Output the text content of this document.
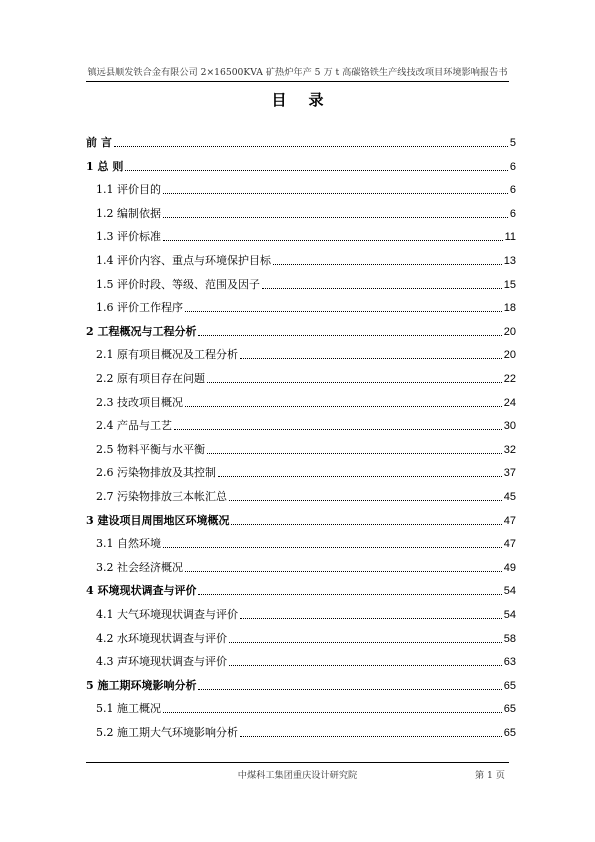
镇远县顺发铁合金有限公司 2×16500KVA 矿热炉年产 5 万 t 高碳铬铁生产线技改项目环境影响报告书
目录
前 言	5
1 总 则	6
1.1 评价目的	6
1.2 编制依据	6
1.3 评价标准	11
1.4 评价内容、重点与环境保护目标	13
1.5 评价时段、等级、范围及因子	15
1.6 评价工作程序	18
2 工程概况与工程分析	20
2.1 原有项目概况及工程分析	20
2.2 原有项目存在问题	22
2.3 技改项目概况	24
2.4 产品与工艺	30
2.5 物料平衡与水平衡	32
2.6 污染物排放及其控制	37
2.7 污染物排放三本帐汇总	45
3 建设项目周围地区环境概况	47
3.1 自然环境	47
3.2 社会经济概况	49
4 环境现状调查与评价	54
4.1 大气环境现状调查与评价	54
4.2 水环境现状调查与评价	58
4.3 声环境现状调查与评价	63
5 施工期环境影响分析	65
5.1 施工概况	65
5.2 施工期大气环境影响分析	65
中煤科工集团重庆设计研究院	第 1 页
